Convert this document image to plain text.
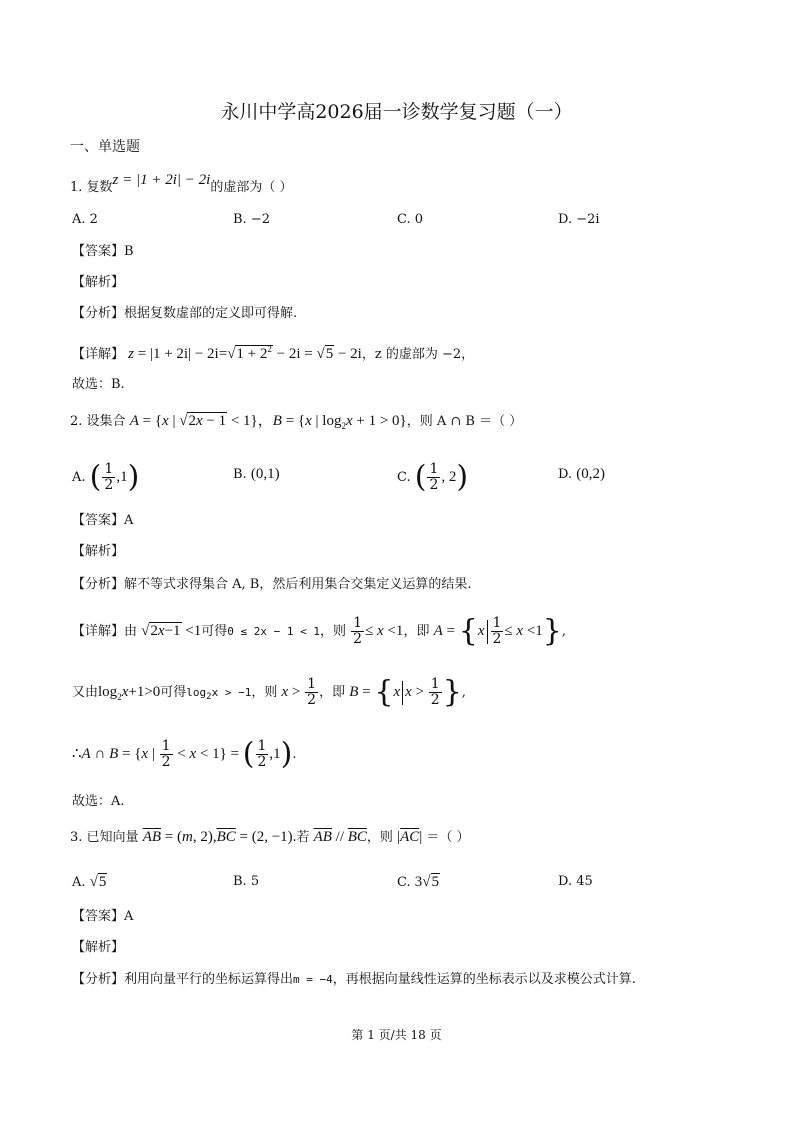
永川中学高2026届一诊数学复习题（一）
一、单选题
1. 复数z = |1 + 2i| − 2i的虚部为（ ）
A. 2	B. −2	C. 0	D. −2i
【答案】B
【解析】
【分析】根据复数虚部的定义即可得解.
【详解】 $z = |1 + 2i| - 2i=√1 + 2^2 - 2i = √5 - 2i$，z 的虚部为 −2，
故选：B.
2. 设集合 A = {x | √2x − 1 < 1}，B = {x | $\log_2x + 1 > 0$}，则 A ∩ B ＝（ ）
A. ( $\frac{1}{2} ,1$)	B. (0,1)	C. ( $\frac{1}{2}$ , 2)	D. (0,2)
【答案】A
【解析】
【分析】解不等式求得集合 A, B，然后利用集合交集定义运算的结果.
【详解】由 √2x−1 <1可得0 ≤ 2x − 1 < 1，则 $\frac{1}{2} \le x <1$，即 $A = \{x \frac{1}{2} \le x <1\}$,
又由$\log_2x+1>0$可得$\log_2x > -1$，则 $x > \frac{1}{2}$ ，即 B = {x $x > \frac{1}{2}$ },
∴A ∩ B = {x | $\frac{1}{2} < x < 1$} = ( $\frac{1}{2} ,1$).
故选：A.
3. 已知向量 $\overline{AB} = (m$, $2),\overline{BC} = (2$, −1).若 $\overline{AB} // \overline{BC}$，则 $|\overline{AC}|$ ＝（ ）
A. √5	B. 5	C. 3√5	D. 45
【答案】A
【解析】
【分析】利用向量平行的坐标运算得出m = −4，再根据向量线性运算的坐标表示以及求模公式计算.
第 1 页/共 18 页
